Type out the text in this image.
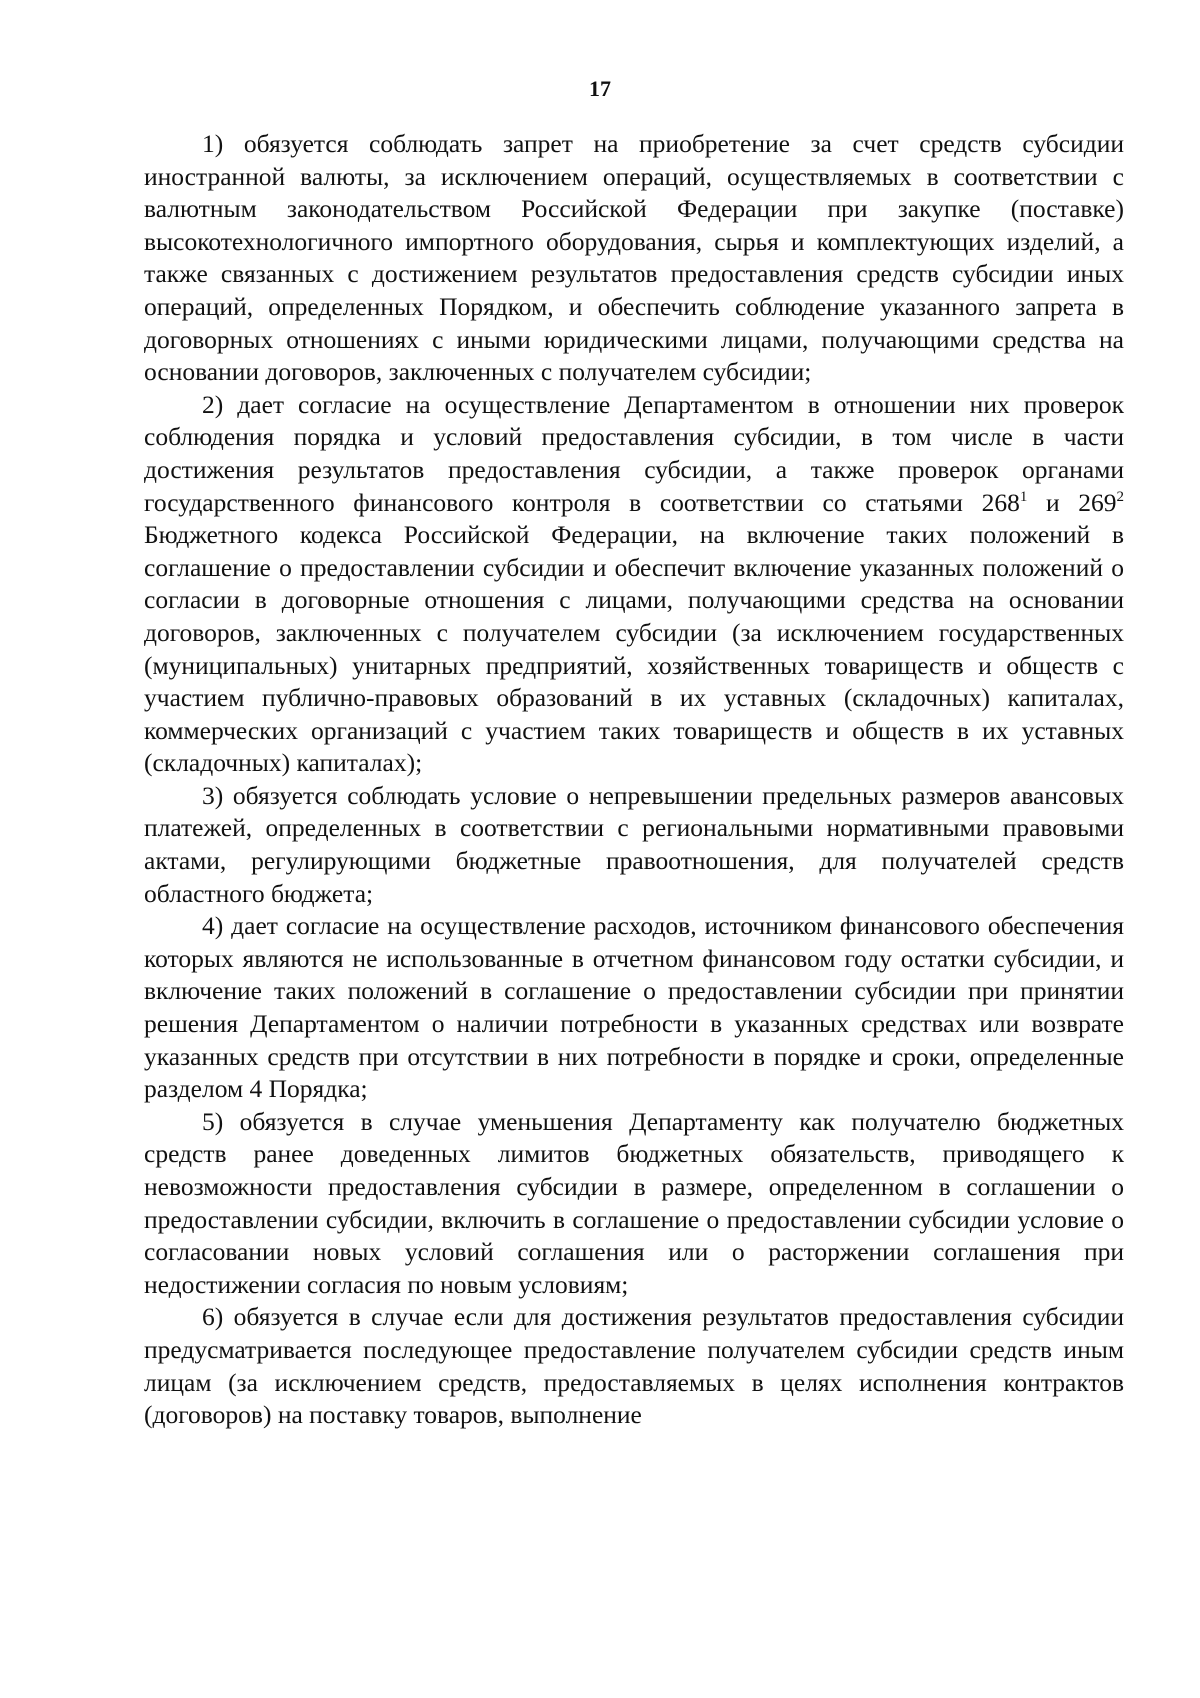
17

1) обязуется соблюдать запрет на приобретение за счет средств субсидии иностранной валюты, за исключением операций, осуществляемых в соответствии с валютным законодательством Российской Федерации при закупке (поставке) высокотехнологичного импортного оборудования, сырья и комплектующих изделий, а также связанных с достижением результатов предоставления средств субсидии иных операций, определенных Порядком, и обеспечить соблюдение указанного запрета в договорных отношениях с иными юридическими лицами, получающими средства на основании договоров, заключенных с получателем субсидии;

2) дает согласие на осуществление Департаментом в отношении них проверок соблюдения порядка и условий предоставления субсидии, в том числе в части достижения результатов предоставления субсидии, а также проверок органами государственного финансового контроля в соответствии со статьями $268^1$ и $269^2$ Бюджетного кодекса Российской Федерации, на включение таких положений в соглашение о предоставлении субсидии и обеспечит включение указанных положений о согласии в договорные отношения с лицами, получающими средства на основании договоров, заключенных с получателем субсидии (за исключением государственных (муниципальных) унитарных предприятий, хозяйственных товариществ и обществ с участием публично-правовых образований в их уставных (складочных) капиталах, коммерческих организаций с участием таких товариществ и обществ в их уставных (складочных) капиталах);

3) обязуется соблюдать условие о непревышении предельных размеров авансовых платежей, определенных в соответствии с региональными нормативными правовыми актами, регулирующими бюджетные правоотношения, для получателей средств областного бюджета;

4) дает согласие на осуществление расходов, источником финансового обеспечения которых являются не использованные в отчетном финансовом году остатки субсидии, и включение таких положений в соглашение о предоставлении субсидии при принятии решения Департаментом о наличии потребности в указанных средствах или возврате указанных средств при отсутствии в них потребности в порядке и сроки, определенные разделом 4 Порядка;

5) обязуется в случае уменьшения Департаменту как получателю бюджетных средств ранее доведенных лимитов бюджетных обязательств, приводящего к невозможности предоставления субсидии в размере, определенном в соглашении о предоставлении субсидии, включить в соглашение о предоставлении субсидии условие о согласовании новых условий соглашения или о расторжении соглашения при недостижении согласия по новым условиям;

6) обязуется в случае если для достижения результатов предоставления субсидии предусматривается последующее предоставление получателем субсидии средств иным лицам (за исключением средств, предоставляемых в целях исполнения контрактов (договоров) на поставку товаров, выполнение
